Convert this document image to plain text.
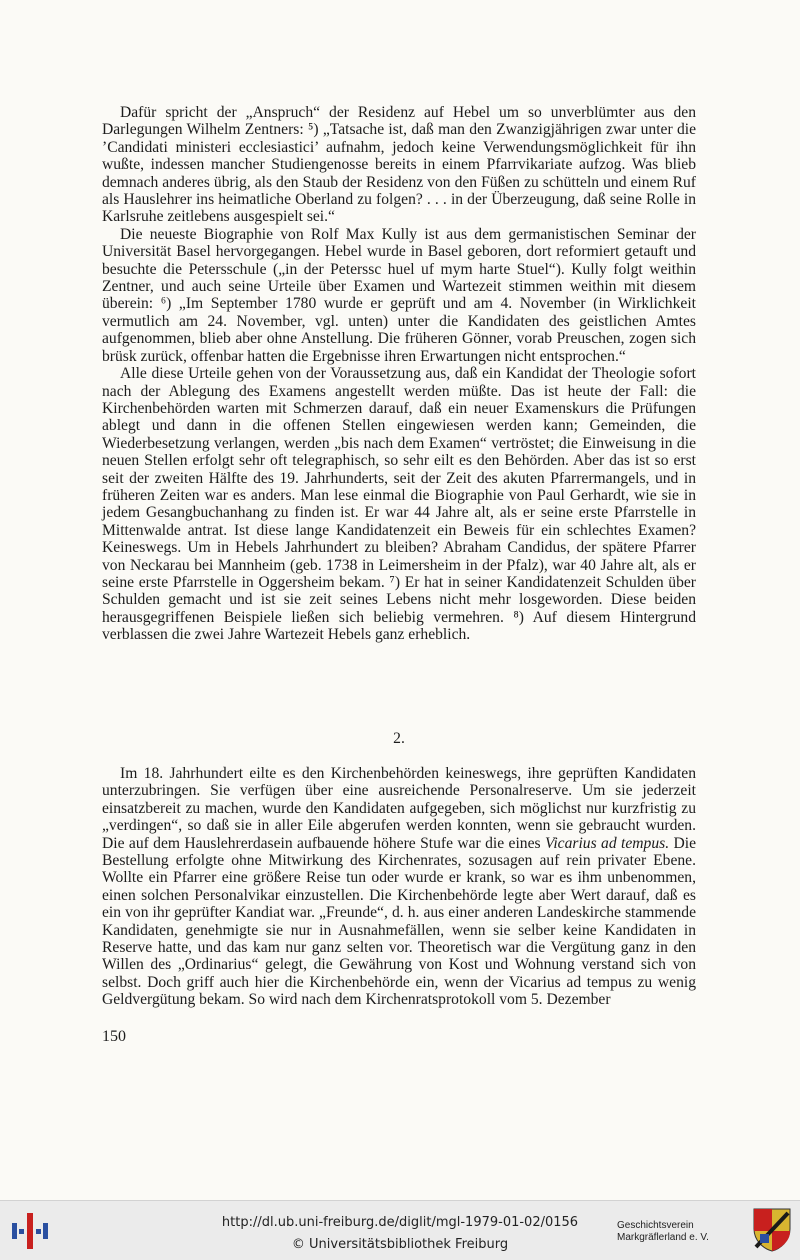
Dafür spricht der „Anspruch“ der Residenz auf Hebel um so unverblümter aus den Darlegungen Wilhelm Zentners: ⁵) „Tatsache ist, daß man den Zwanzigjährigen zwar unter die ’Candidati ministeri ecclesiastici’ aufnahm, jedoch keine Verwendungsmöglichkeit für ihn wußte, indessen mancher Studiengenosse bereits in einem Pfarrvikariate aufzog. Was blieb demnach anderes übrig, als den Staub der Residenz von den Füßen zu schütteln und einem Ruf als Hauslehrer ins heimatliche Oberland zu folgen? . . . in der Überzeugung, daß seine Rolle in Karlsruhe zeitlebens ausgespielt sei.“

Die neueste Biographie von Rolf Max Kully ist aus dem germanistischen Seminar der Universität Basel hervorgegangen. Hebel wurde in Basel geboren, dort reformiert getauft und besuchte die Petersschule („in der Peterssc huel uf mym harte Stuel“). Kully folgt weithin Zentner, und auch seine Urteile über Examen und Wartezeit stimmen weithin mit diesem überein: ⁶) „Im September 1780 wurde er geprüft und am 4. November (in Wirklichkeit vermutlich am 24. November, vgl. unten) unter die Kandidaten des geistlichen Amtes aufgenommen, blieb aber ohne Anstellung. Die früheren Gönner, vorab Preuschen, zogen sich brüsk zurück, offenbar hatten die Ergebnisse ihren Erwartungen nicht entsprochen.“

Alle diese Urteile gehen von der Voraussetzung aus, daß ein Kandidat der Theologie sofort nach der Ablegung des Examens angestellt werden müßte. Das ist heute der Fall: die Kirchenbehörden warten mit Schmerzen darauf, daß ein neuer Examenskurs die Prüfungen ablegt und dann in die offenen Stellen eingewiesen werden kann; Gemeinden, die Wiederbesetzung verlangen, werden „bis nach dem Examen“ vertröstet; die Einweisung in die neuen Stellen erfolgt sehr oft telegraphisch, so sehr eilt es den Behörden. Aber das ist so erst seit der zweiten Hälfte des 19. Jahrhunderts, seit der Zeit des akuten Pfarrermangels, und in früheren Zeiten war es anders. Man lese einmal die Biographie von Paul Gerhardt, wie sie in jedem Gesangbuchanhang zu finden ist. Er war 44 Jahre alt, als er seine erste Pfarrstelle in Mittenwalde antrat. Ist diese lange Kandidatenzeit ein Beweis für ein schlechtes Examen? Keineswegs. Um in Hebels Jahrhundert zu bleiben? Abraham Candidus, der spätere Pfarrer von Neckarau bei Mannheim (geb. 1738 in Leimersheim in der Pfalz), war 40 Jahre alt, als er seine erste Pfarrstelle in Oggersheim bekam. ⁷) Er hat in seiner Kandidatenzeit Schulden über Schulden gemacht und ist sie zeit seines Lebens nicht mehr losgeworden. Diese beiden herausgegriffenen Beispiele ließen sich beliebig vermehren. ⁸) Auf diesem Hintergrund verblassen die zwei Jahre Wartezeit Hebels ganz erheblich.

2.

Im 18. Jahrhundert eilte es den Kirchenbehörden keineswegs, ihre geprüften Kandidaten unterzubringen. Sie verfügen über eine ausreichende Personalreserve. Um sie jederzeit einsatzbereit zu machen, wurde den Kandidaten aufgegeben, sich möglichst nur kurzfristig zu „verdingen“, so daß sie in aller Eile abgerufen werden konnten, wenn sie gebraucht wurden. Die auf dem Hauslehrerdasein aufbauende höhere Stufe war die eines Vicarius ad tempus. Die Bestellung erfolgte ohne Mitwirkung des Kirchenrates, sozusagen auf rein privater Ebene. Wollte ein Pfarrer eine größere Reise tun oder wurde er krank, so war es ihm unbenommen, einen solchen Personalvikar einzustellen. Die Kirchenbehörde legte aber Wert darauf, daß es ein von ihr geprüfter Kandiat war. „Freunde“, d. h. aus einer anderen Landeskirche stammende Kandidaten, genehmigte sie nur in Ausnahmefällen, wenn sie selber keine Kandidaten in Reserve hatte, und das kam nur ganz selten vor. Theoretisch war die Vergütung ganz in den Willen des „Ordinarius“ gelegt, die Gewährung von Kost und Wohnung verstand sich von selbst. Doch griff auch hier die Kirchenbehörde ein, wenn der Vicarius ad tempus zu wenig Geldvergütung bekam. So wird nach dem Kirchenratsprotokoll vom 5. Dezember

150
http://dl.ub.uni-freiburg.de/diglit/mgl-1979-01-02/0156
© Universitätsbibliothek Freiburg
Geschichtsverein
Markgräflerland e. V.
